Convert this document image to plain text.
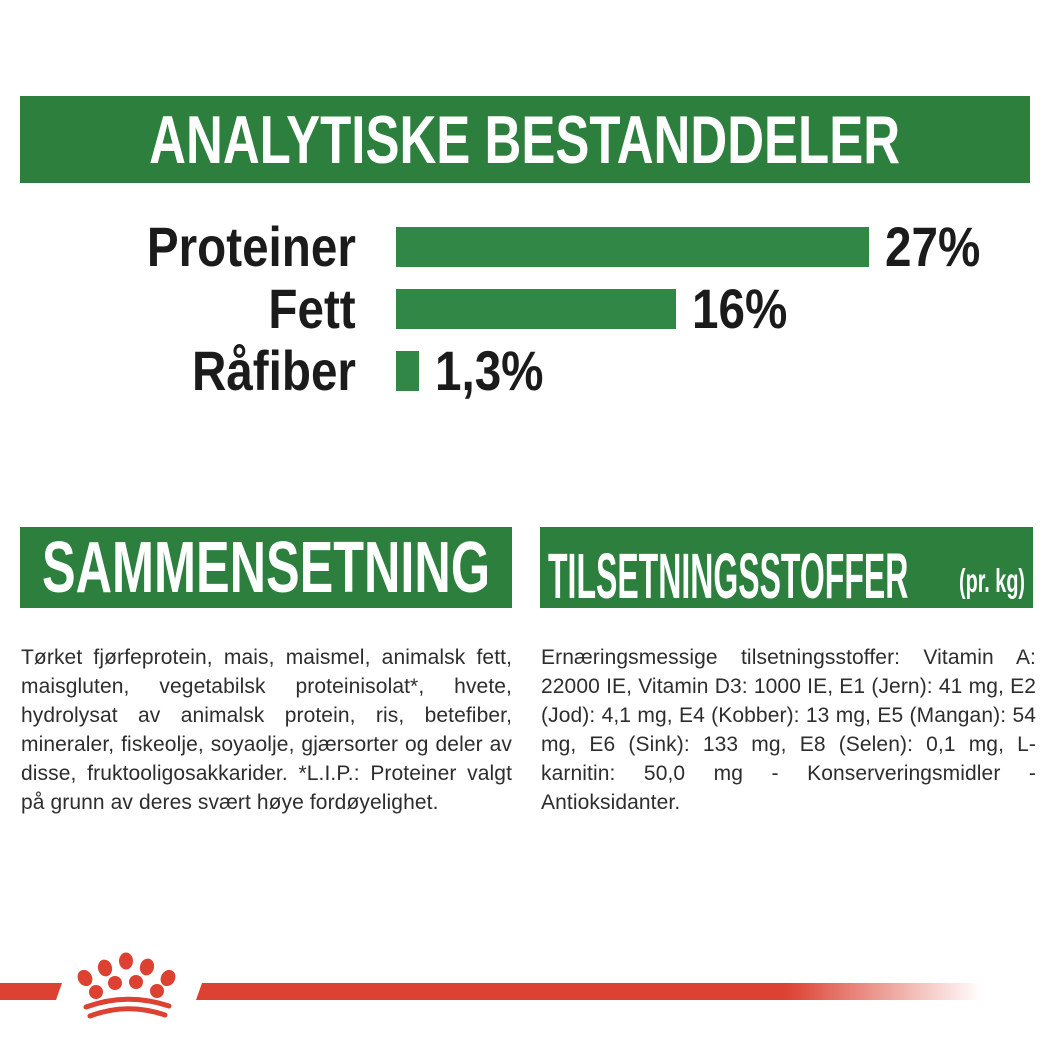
ANALYTISKE BESTANDDELER
Proteiner	27%
Fett	16%
Råfiber 1,3%
SAMMENSETNING

Tørket fjørfeprotein, mais, maismel, animalsk fett, maisgluten, vegetabilsk proteinisolat*, hvete, hydrolysat av animalsk protein, ris, betefiber, mineraler, fiskeolje, soyaolje, gjærsorter og deler av disse, fruktooligosakkarider. *L.I.P.: Proteiner valgt på grunn av deres svært høye fordøyelighet.

TILSETNINGSSTOFFER (pr. kg)

Ernæringsmessige tilsetningsstoffer: Vitamin A: 22000 IE, Vitamin D3: 1000 IE, E1 (Jern): 41 mg, E2 (Jod): 4,1 mg, E4 (Kobber): 13 mg, E5 (Mangan): 54 mg, E6 (Sink): 133 mg, E8 (Selen): 0,1 mg, L-karnitin: 50,0 mg - Konserveringsmidler - Antioksidanter.
